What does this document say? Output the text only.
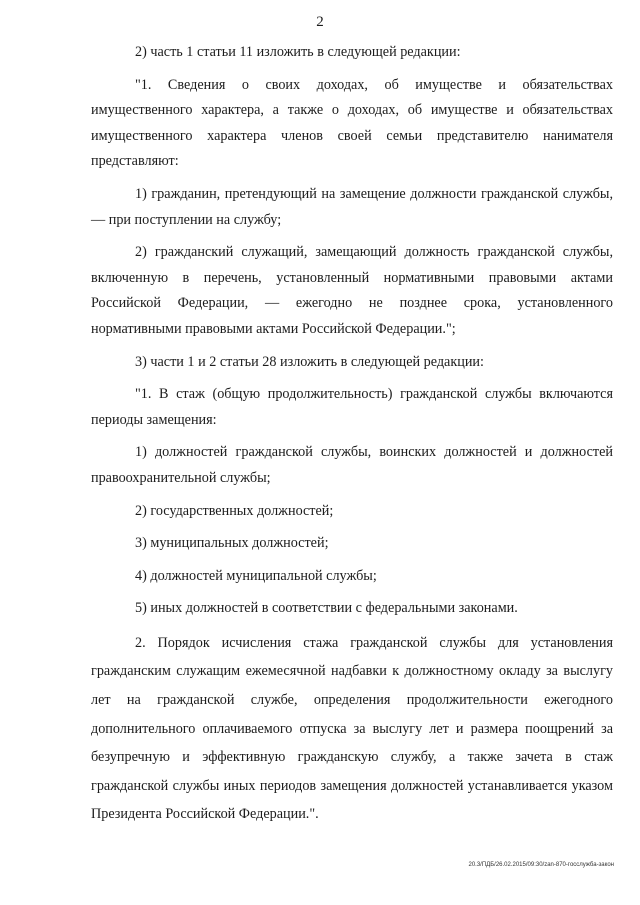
2

2) часть 1 статьи 11 изложить в следующей редакции:

"1. Сведения о своих доходах, об имуществе и обязательствах имущественного характера, а также о доходах, об имуществе и обязательствах имущественного характера членов своей семьи представителю нанимателя представляют:

1) гражданин, претендующий на замещение должности гражданской службы, — при поступлении на службу;

2) гражданский служащий, замещающий должность гражданской службы, включенную в перечень, установленный нормативными правовыми актами Российской Федерации, — ежегодно не позднее срока, установленного нормативными правовыми актами Российской Федерации.";

3) части 1 и 2 статьи 28 изложить в следующей редакции:

"1. В стаж (общую продолжительность) гражданской службы включаются периоды замещения:

1) должностей гражданской службы, воинских должностей и должностей правоохранительной службы;

2) государственных должностей;

3) муниципальных должностей;

4) должностей муниципальной службы;

5) иных должностей в соответствии с федеральными законами.

2. Порядок исчисления стажа гражданской службы для установления гражданским служащим ежемесячной надбавки к должностному окладу за выслугу лет на гражданской службе, определения продолжительности ежегодного дополнительного оплачиваемого отпуска за выслугу лет и размера поощрений за безупречную и эффективную гражданскую службу, а также зачета в стаж гражданской службы иных периодов замещения должностей устанавливается указом Президента Российской Федерации.".

20.3/ПДБ/26.02.2015/09:30/zan-870-госслужба-закон
